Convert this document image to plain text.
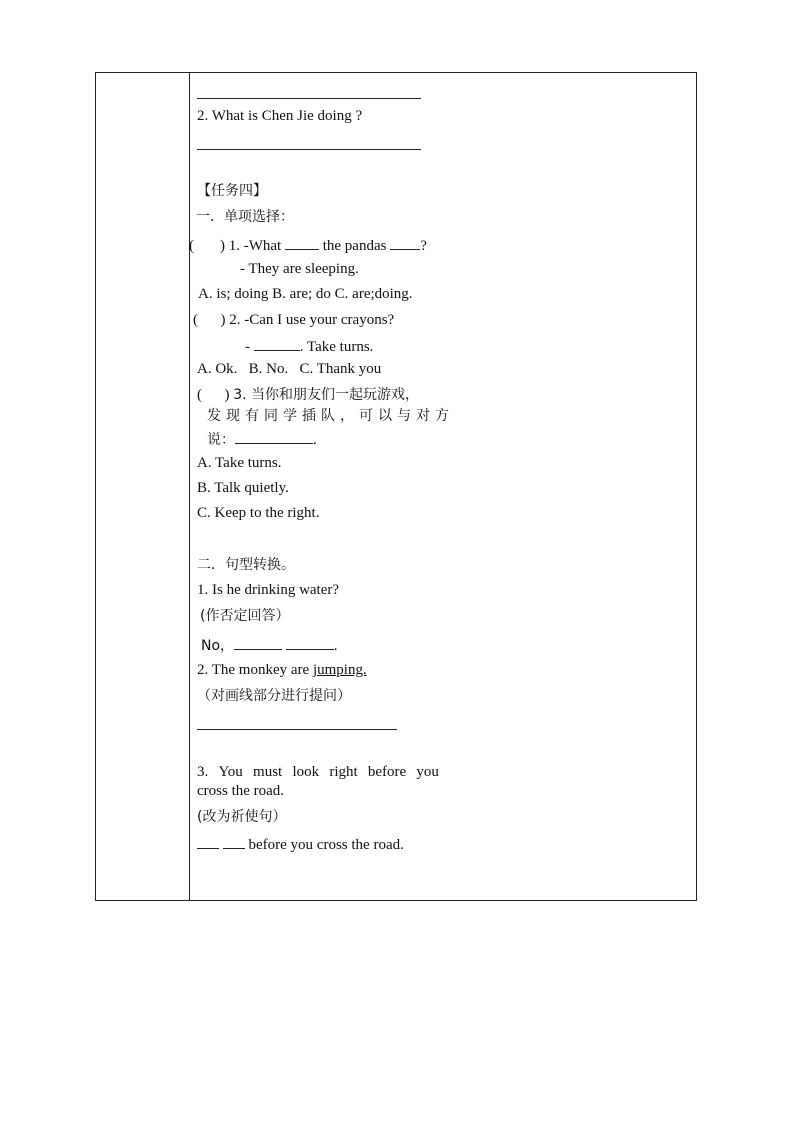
2. What is Chen Jie doing ?
【任务四】
一．单项选择：
( ) 1. -What	the pandas ?
- They are sleeping.
A. is; doing B. are; do C. are;doing.
(      ) 2. -Can I use your crayons?
-	. Take turns.
A. Ok.   B. No.   C. Thank you
(      ) 3. 当你和朋友们一起玩游戏，
发 现 有 同 学 插 队 ， 可 以 与 对 方
说：	.
A. Take turns.
B. Talk quietly.
C. Keep to the right.
二．句型转换。
1. Is he drinking water?
(作否定回答）
No，	.
2. The monkey are jumping.
（对画线部分进行提问）
3. You must look right before you
cross the road.
(改为祈使句）
before you cross the road.
